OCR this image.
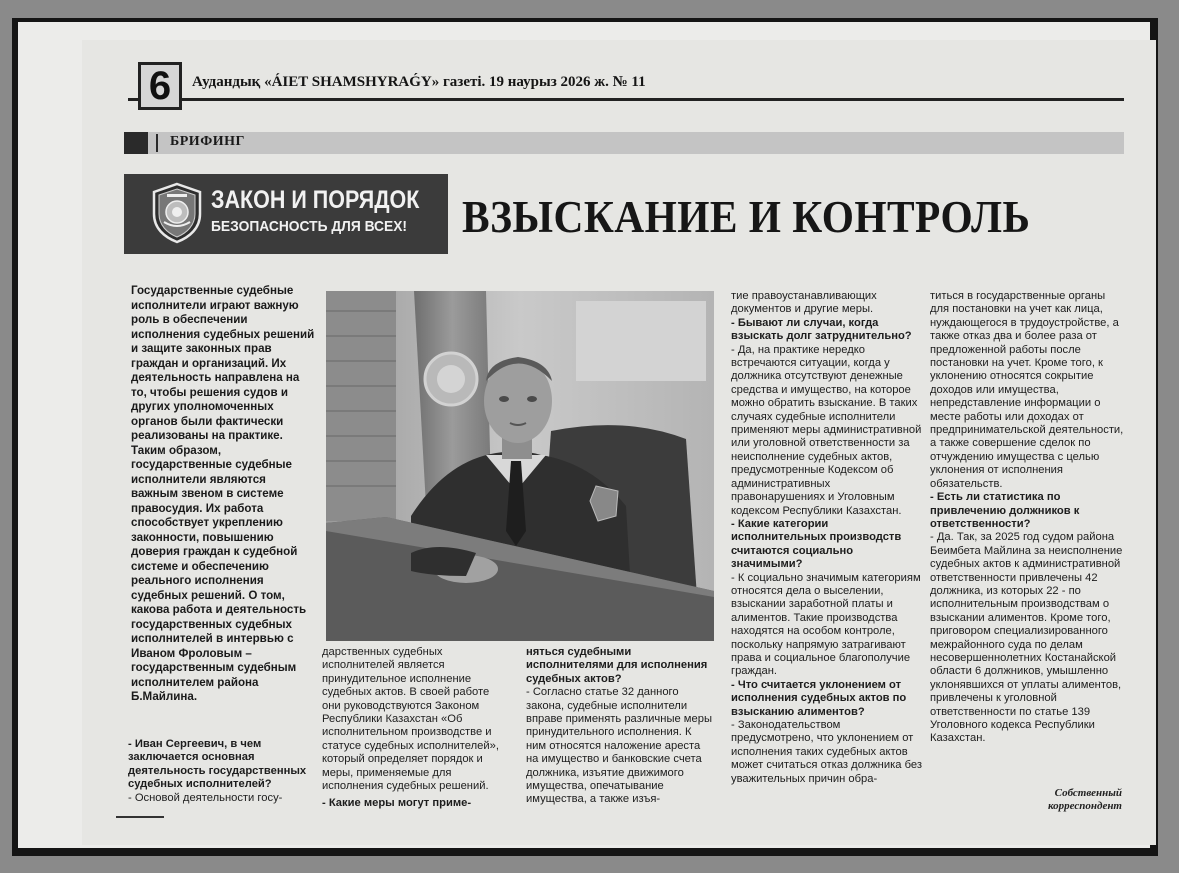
6	Аудандық «ÁIET SHAMSHYRAǴY» газеті. 19 наурыз 2026 ж. № 11
БРИФИНГ
ЗАКОН И ПОРЯДОК
БЕЗОПАСНОСТЬ ДЛЯ ВСЕХ! ВЗЫСКАНИЕ И КОНТРОЛЬ
Государственные судебные исполнители играют важную роль в обеспечении исполнения судебных решений и защите законных прав граждан и организаций. Их деятельность направлена на то, чтобы решения судов и других уполномоченных органов были фактически реализованы на практике. Таким образом, государственные судебные исполнители являются важным звеном в системе правосудия. Их работа способствует укреплению законности, повышению доверия граждан к судебной системе и обеспечению реального исполнения судебных решений. О том, какова работа и деятельность государственных судебных исполнителей в интервью с Иваном Фроловым – государственным судебным исполнителем района Б.Майлина.

- Иван Сергеевич, в чем заключается основная деятельность государственных судебных исполнителей?

- Основой деятельности госу-

дарственных судебных исполнителей является принудительное исполнение судебных актов. В своей работе они руководствуются Законом Республики Казахстан «Об исполнительном производстве и статусе судебных исполнителей», который определяет порядок и меры, применяемые для исполнения судебных решений.

- Какие меры могут приме-

няться судебными исполнителями для исполнения судебных актов?

- Согласно статье 32 данного закона, судебные исполнители вправе применять различные меры принудительного исполнения. К ним относятся наложение ареста на имущество и банковские счета должника, изъятие движимого имущества, опечатывание имущества, а также изъя-

тие правоустанавливающих документов и другие меры.

- Бывают ли случаи, когда взыскать долг затруднительно?

- Да, на практике нередко встречаются ситуации, когда у должника отсутствуют денежные средства и имущество, на которое можно обратить взыскание. В таких случаях судебные исполнители применяют меры административной или уголовной ответственности за неисполнение судебных актов, предусмотренные Кодексом об административных правонарушениях и Уголовным кодексом Республики Казахстан.

- Какие категории исполнительных производств считаются социально значимыми?

- К социально значимым категориям относятся дела о выселении, взыскании заработной платы и алиментов. Такие производства находятся на особом контроле, поскольку напрямую затрагивают права и социальное благополучие граждан.

- Что считается уклонением от исполнения судебных актов по взысканию алиментов?

- Законодательством предусмотрено, что уклонением от исполнения таких судебных актов может считаться отказ должника без уважительных причин обра-

титься в государственные органы для постановки на учет как лица, нуждающегося в трудоустройстве, а также отказ два и более раза от предложенной работы после постановки на учет. Кроме того, к уклонению относятся сокрытие доходов или имущества, непредставление информации о месте работы или доходах от предпринимательской деятельности, а также совершение сделок по отчуждению имущества с целью уклонения от исполнения обязательств.

- Есть ли статистика по привлечению должников к ответственности?

- Да. Так, за 2025 год судом района Беимбета Майлина за неисполнение судебных актов к административной ответственности привлечены 42 должника, из которых 22 - по исполнительным производствам о взыскании алиментов. Кроме того, приговором специализированного межрайонного суда по делам несовершеннолетних Костанайской области 6 должников, умышленно уклонявшихся от уплаты алиментов, привлечены к уголовной ответственности по статье 139 Уголовного кодекса Республики Казахстан.

Собственный
корреспондент
